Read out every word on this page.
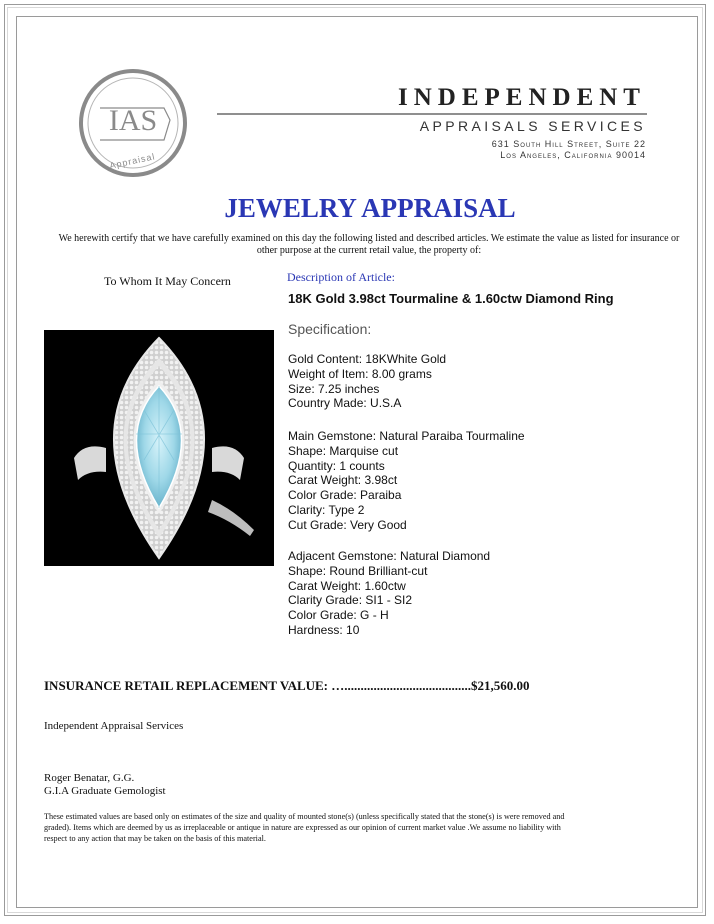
IAS
Appraisal
INDEPENDENT
APPRAISALS SERVICES
631 South Hill Street, Suite 22
Los Angeles, California 90014
JEWELRY APPRAISAL
We herewith certify that we have carefully examined on this day the following listed and described articles. We estimate the value as listed for insurance or other purpose at the current retail value, the property of:
To Whom It May Concern	Description of Article:
18K Gold 3.98ct Tourmaline & 1.60ctw Diamond Ring
Specification:
Gold Content: 18KWhite Gold
Weight of Item: 8.00 grams
Size: 7.25 inches
Country Made: U.S.A
Main Gemstone: Natural Paraiba Tourmaline
Shape: Marquise cut
Quantity: 1 counts
Carat Weight: 3.98ct
Color Grade: Paraiba
Clarity: Type 2
Cut Grade: Very Good
Adjacent Gemstone: Natural Diamond
Shape: Round Brilliant-cut
Carat Weight: 1.60ctw
Clarity Grade: SI1 - SI2
Color Grade: G - H
Hardness: 10
INSURANCE RETAIL REPLACEMENT VALUE: ….......................................$21,560.00
Independent Appraisal Services
Roger Benatar, G.G.
G.I.A Graduate Gemologist
These estimated values are based only on estimates of the size and quality of mounted stone(s) (unless specifically stated that the stone(s) is were removed and graded). Items which are deemed by us as irreplaceable or antique in nature are expressed as our opinion of current market value .We assume no liability with respect to any action that may be taken on the basis of this material.
